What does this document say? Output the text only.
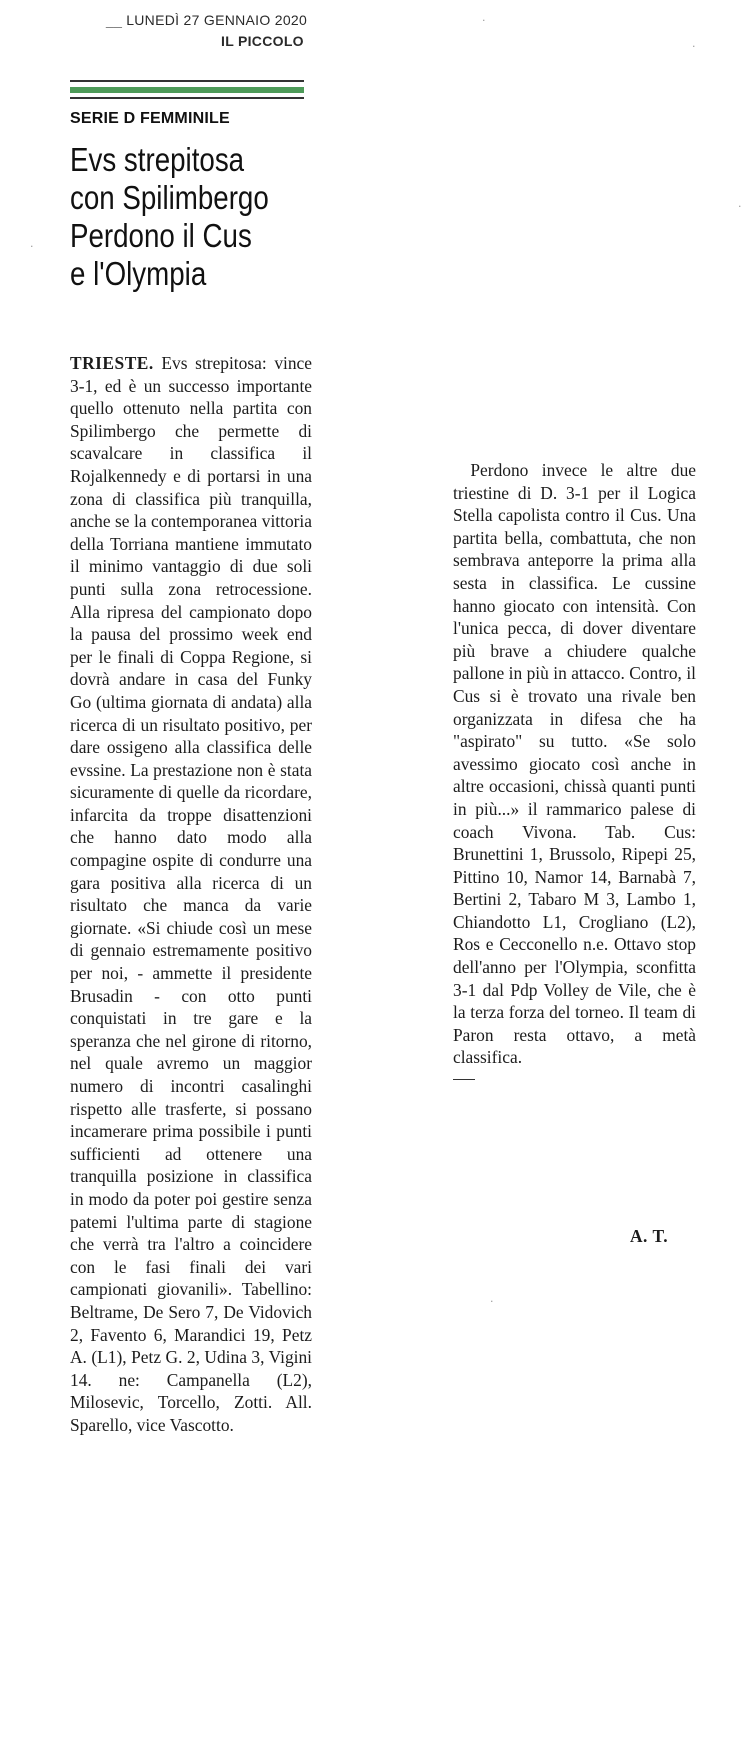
__ LUNEDÌ 27 GENNAIO 2020
IL PICCOLO
SERIE D FEMMINILE
Evs strepitosa
con Spilimbergo
Perdono il Cus
e l'Olympia

TRIESTE. Evs strepitosa: vince 3-1, ed è un successo importante quello ottenuto nella partita con Spilimbergo che permette di scavalcare in classifica il Rojalkennedy e di portarsi in una zona di classifica più tranquilla, anche se la contemporanea vittoria della Torriana mantiene immutato il minimo vantaggio di due soli punti sulla zona retrocessione. Alla ripresa del campionato dopo la pausa del prossimo week end per le finali di Coppa Regione, si dovrà andare in casa del Funky Go (ultima giornata di andata) alla ricerca di un risultato positivo, per dare ossigeno alla classifica delle evssine. La prestazione non è stata sicuramente di quelle da ricordare, infarcita da troppe disattenzioni che hanno dato modo alla compagine ospite di condurre una gara positiva alla ricerca di un risultato che manca da varie giornate. «Si chiude così un mese di gennaio estremamente positivo per noi, - ammette il presidente Brusadin - con otto punti conquistati in tre gare e la speranza che nel girone di ritorno, nel quale avremo un maggior numero di incontri casalinghi rispetto alle trasferte, si possano incamerare prima possibile i punti sufficienti ad ottenere una tranquilla posizione in classifica in modo da poter poi gestire senza patemi l'ultima parte di stagione che verrà tra l'altro a coincidere con le fasi finali dei vari campionati giovanili». Tabellino: Beltrame, De Sero 7, De Vidovich 2, Favento 6, Marandici 19, Petz A. (L1), Petz G. 2, Udina 3, Vigini 14. ne: Campanella (L2), Milosevic, Torcello, Zotti. All. Sparello, vice Vascotto.

 Perdono invece le altre due triestine di D. 3-1 per il Logica Stella capolista contro il Cus. Una partita bella, combattuta, che non sembrava anteporre la prima alla sesta in classifica. Le cussine hanno giocato con intensità. Con l'unica pecca, di dover diventare più brave a chiudere qualche pallone in più in attacco. Contro, il Cus si è trovato una rivale ben organizzata in difesa che ha "aspirato" su tutto. «Se solo avessimo giocato così anche in altre occasioni, chissà quanti punti in più...» il rammarico palese di coach Vivona. Tab. Cus: Brunettini 1, Brussolo, Ripepi 25, Pittino 10, Namor 14, Barnabà 7, Bertini 2, Tabaro M 3, Lambo 1, Chiandotto L1, Crogliano (L2), Ros e Cecconello n.e. Ottavo stop dell'anno per l'Olympia, sconfitta 3-1 dal Pdp Volley de Vile, che è la terza forza del torneo. Il team di Paron resta ottavo, a metà classifica.

A. T.
·
·
·
·
·
